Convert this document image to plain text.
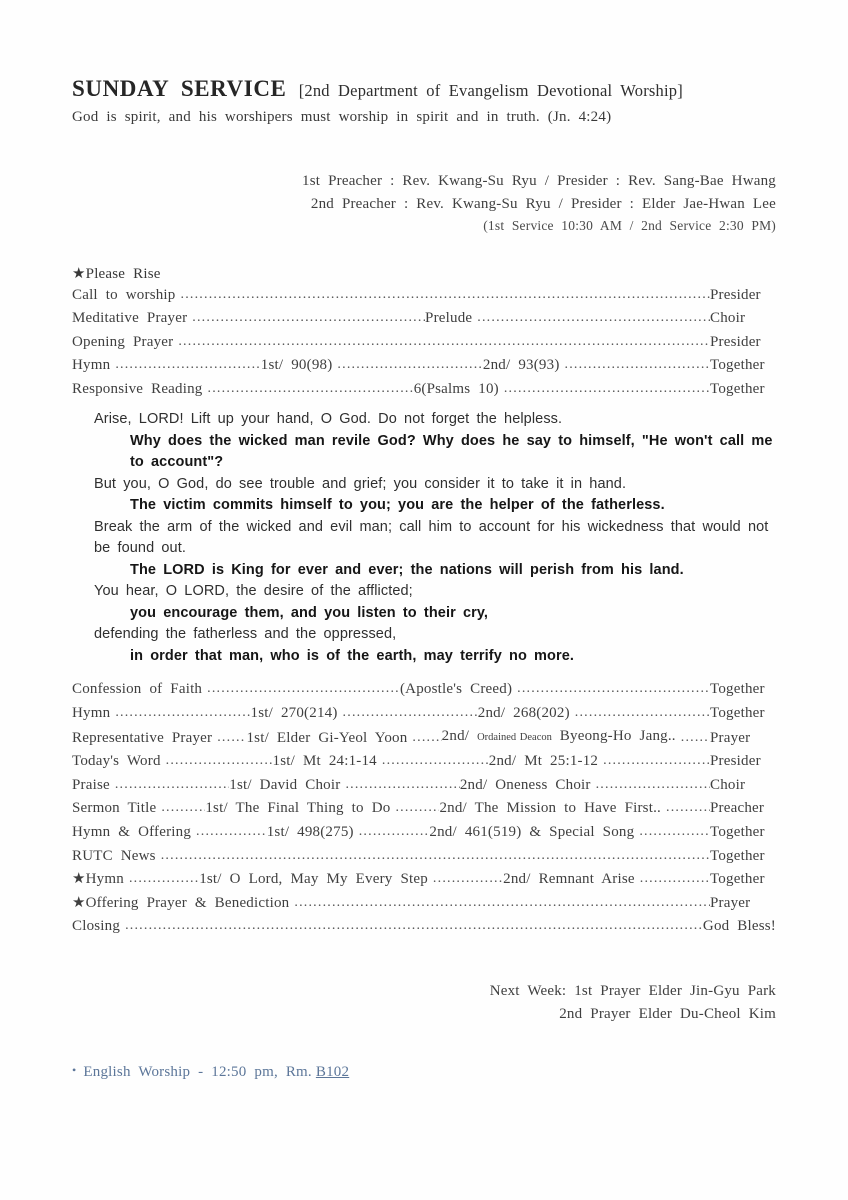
SUNDAY SERVICE [2nd Department of Evangelism Devotional Worship]
God is spirit, and his worshipers must worship in spirit and in truth. (Jn. 4:24)
1st Preacher : Rev. Kwang-Su Ryu / Presider : Rev. Sang-Bae Hwang
2nd Preacher : Rev. Kwang-Su Ryu / Presider : Elder Jae-Hwan Lee
(1st Service 10:30 AM / 2nd Service 2:30 PM)
★Please Rise
Call to worship .....	Presider
Meditative Prayer .....	Prelude .....	Choir
Opening Prayer .....	Presider
Hymn .....	1st/ 90(98) .....	2nd/ 93(93) .....	Together
Responsive Reading .....	6(Psalms 10) .....	Together

Arise, LORD! Lift up your hand, O God. Do not forget the helpless.

Why does the wicked man revile God? Why does he say to himself, "He won't call me to account"?

But you, O God, do see trouble and grief; you consider it to take it in hand.

The victim commits himself to you; you are the helper of the fatherless.

Break the arm of the wicked and evil man; call him to account for his wickedness that would not be found out.

The LORD is King for ever and ever; the nations will perish from his land.

You hear, O LORD, the desire of the afflicted;

you encourage them, and you listen to their cry,

defending the fatherless and the oppressed,

in order that man, who is of the earth, may terrify no more.

Confession of Faith .....	(Apostle's Creed) .....	Together
Hymn .....	1st/ 270(214) .....	2nd/ 268(202) .....	Together
Representative Prayer ..... 1st/ Elder Gi-Yeol Yoon ..... 2nd/ Ordained Deacon Byeong-Ho Jang.. ..... Prayer
Today's Word .....	1st/ Mt 24:1-14 .....	2nd/ Mt 25:1-12 .....	Presider
Praise .....	1st/ David Choir .....	2nd/ Oneness Choir .....	Choir
Sermon Title .....	1st/ The Final Thing to Do .....	2nd/ The Mission to Have First.. .....	Preacher
Hymn & Offering .....	1st/ 498(275) .....	2nd/ 461(519) & Special Song .....	Together
RUTC News .....	Together
★Hymn .....	1st/ O Lord, May My Every Step .....	2nd/ Remnant Arise .....	Together
★Offering Prayer & Benediction .....	Prayer
Closing .....	God Bless!
Next Week: 1st Prayer Elder Jin-Gyu Park
2nd Prayer Elder Du-Cheol Kim
• English Worship - 12:50 pm, Rm. B102
